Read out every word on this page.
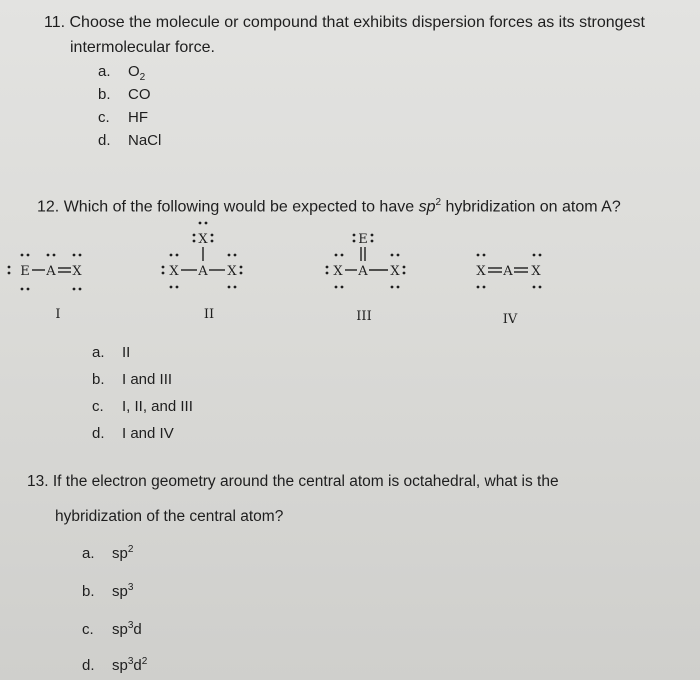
11. Choose the molecule or compound that exhibits dispersion forces as its strongest

intermolecular force.

a. $O_2$
b. CO
c. HF
d. NaCl

12. Which of the following would be expected to have $sp^2$ hybridization on atom A?

E A X
I
X
X A X
II
E
X A X
III
X A X
IV
a. II
b. I and III
c. I, II, and III
d. I and IV

13. If the electron geometry around the central atom is octahedral, what is the

hybridization of the central atom?

a. $sp^2$
b. $sp^3$
c. $sp^3d$
d. $sp^3d^2$
